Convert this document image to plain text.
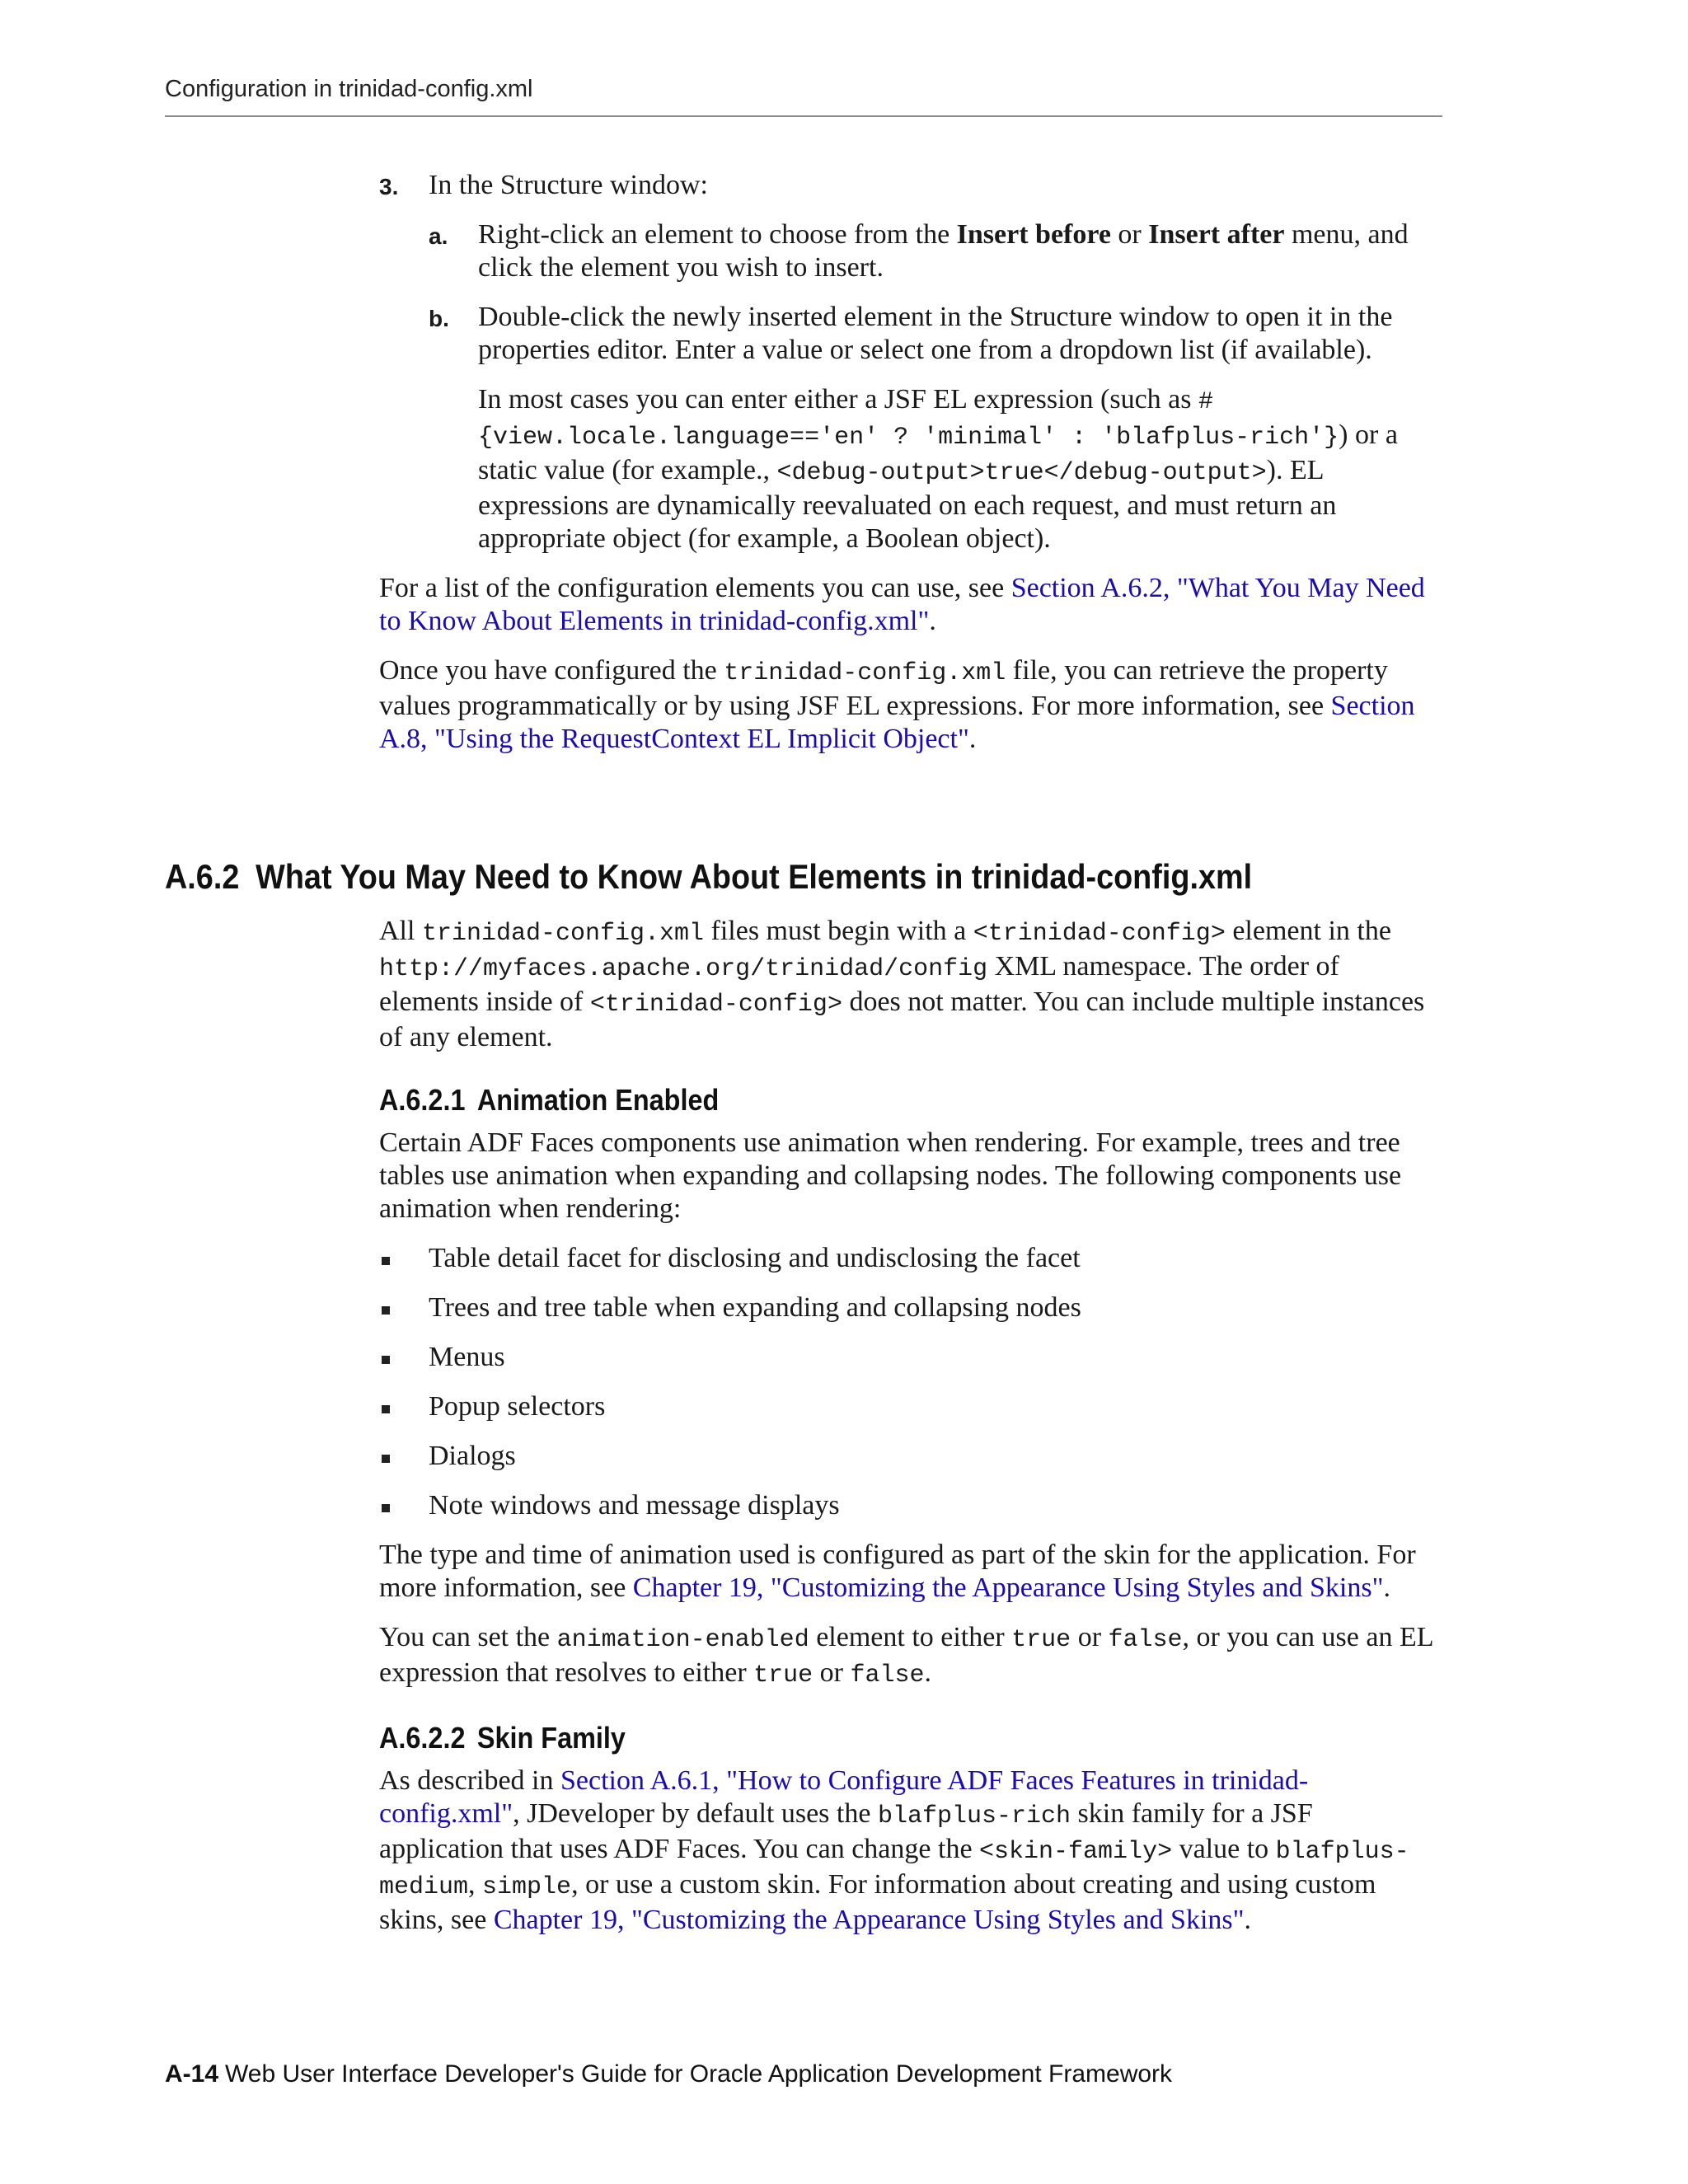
Configuration in trinidad-config.xml
3. In the Structure window:
a. Right-click an element to choose from the Insert before or Insert after menu, and click the element you wish to insert.
b. Double-click the newly inserted element in the Structure window to open it in the properties editor. Enter a value or select one from a dropdown list (if available).
In most cases you can enter either a JSF EL expression (such as #{view.locale.language=='en' ? 'minimal' : 'blafplus-rich'}) or a static value (for example., <debug-output>true</debug-output>). EL expressions are dynamically reevaluated on each request, and must return an appropriate object (for example, a Boolean object).
For a list of the configuration elements you can use, see Section A.6.2, "What You May Need to Know About Elements in trinidad-config.xml".
Once you have configured the trinidad-config.xml file, you can retrieve the property values programmatically or by using JSF EL expressions. For more information, see Section A.8, "Using the RequestContext EL Implicit Object".
A.6.2 What You May Need to Know About Elements in trinidad-config.xml
All trinidad-config.xml files must begin with a <trinidad-config> element in the http://myfaces.apache.org/trinidad/config XML namespace. The order of elements inside of <trinidad-config> does not matter. You can include multiple instances of any element.
A.6.2.1 Animation Enabled
Certain ADF Faces components use animation when rendering. For example, trees and tree tables use animation when expanding and collapsing nodes. The following components use animation when rendering:
Table detail facet for disclosing and undisclosing the facet
Trees and tree table when expanding and collapsing nodes
Menus
Popup selectors
Dialogs
Note windows and message displays
The type and time of animation used is configured as part of the skin for the application. For more information, see Chapter 19, "Customizing the Appearance Using Styles and Skins".
You can set the animation-enabled element to either true or false, or you can use an EL expression that resolves to either true or false.
A.6.2.2 Skin Family
As described in Section A.6.1, "How to Configure ADF Faces Features in trinidad-config.xml", JDeveloper by default uses the blafplus-rich skin family for a JSF application that uses ADF Faces. You can change the <skin-family> value to blafplus-medium, simple, or use a custom skin. For information about creating and using custom skins, see Chapter 19, "Customizing the Appearance Using Styles and Skins".
A-14 Web User Interface Developer's Guide for Oracle Application Development Framework
